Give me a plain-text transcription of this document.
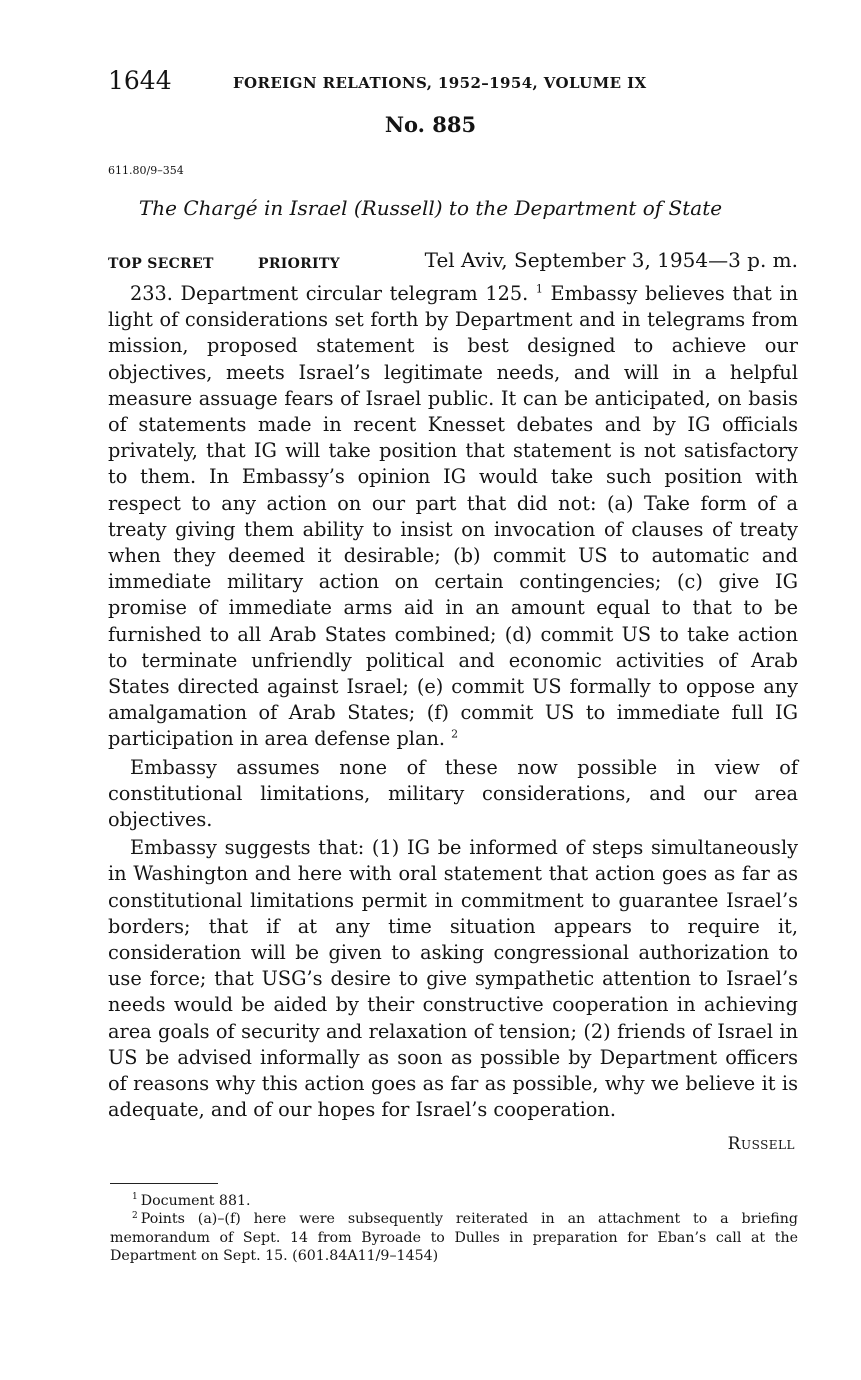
1644	FOREIGN RELATIONS, 1952–1954, VOLUME IX
No. 885
611.80/9–354
The Chargé in Israel (Russell) to the Department of State
TOP SECRET	PRIORITY	Tel Aviv, September 3, 1954—3 p. m.

233. Department circular telegram 125. $^1$ Embassy believes that in light of considerations set forth by Department and in telegrams from mission, proposed statement is best designed to achieve our objectives, meets Israel’s legitimate needs, and will in a helpful measure assuage fears of Israel public. It can be anticipated, on basis of statements made in recent Knesset debates and by IG officials privately, that IG will take position that statement is not satisfactory to them. In Embassy’s opinion IG would take such position with respect to any action on our part that did not: (a) Take form of a treaty giving them ability to insist on invocation of clauses of treaty when they deemed it desirable; (b) commit US to automatic and immediate military action on certain contingencies; (c) give IG promise of immediate arms aid in an amount equal to that to be furnished to all Arab States combined; (d) commit US to take action to terminate unfriendly political and economic activities of Arab States directed against Israel; (e) commit US formally to oppose any amalgamation of Arab States; (f) commit US to immediate full IG participation in area defense plan. $^2$

Embassy assumes none of these now possible in view of constitutional limitations, military considerations, and our area objectives.

Embassy suggests that: (1) IG be informed of steps simultaneously in Washington and here with oral statement that action goes as far as constitutional limitations permit in commitment to guarantee Israel’s borders; that if at any time situation appears to require it, consideration will be given to asking congressional authorization to use force; that USG’s desire to give sympathetic attention to Israel’s needs would be aided by their constructive cooperation in achieving area goals of security and relaxation of tension; (2) friends of Israel in US be advised informally as soon as possible by Department officers of reasons why this action goes as far as possible, why we believe it is adequate, and of our hopes for Israel’s cooperation.

Russell

$^1$ Document 881.

$^2$ Points (a)–(f) here were subsequently reiterated in an attachment to a briefing memorandum of Sept. 14 from Byroade to Dulles in preparation for Eban’s call at the Department on Sept. 15. (601.84A11/9–1454)
